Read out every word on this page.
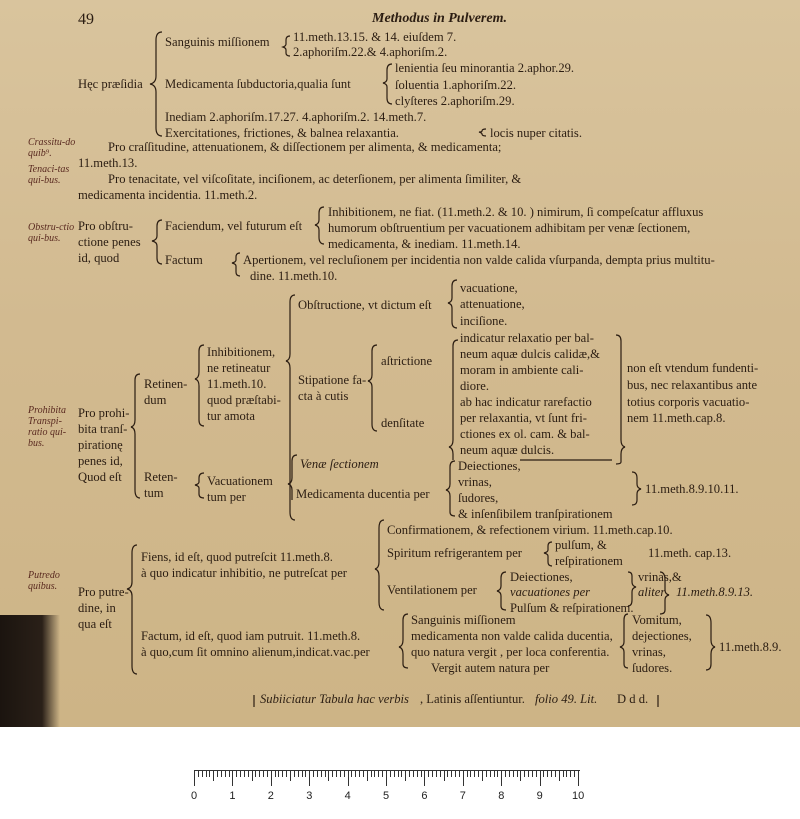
49	Methodus in Pulverem.
Hęc præſidia
Sanguinis miſſionem 11.meth.13.15. & 14. eiuſdem 7.
2.aphoriſm.22.& 4.aphoriſm.2.
Medicamenta ſubductoria,qualia ſunt
lenientia ſeu minorantia 2.aphor.29.
ſoluentia 1.aphoriſm.22.
clyſteres 2.aphoriſm.29.
Inediam 2.aphoriſm.17.27. 4.aphoriſm.2. 14.meth.7.
Exercitationes, frictiones, & balnea relaxantia.	locis nuper citatis.
Crassitu-do quib⁹.
Tenaci-tas qui-bus.
Obstru-ctio qui-bus.
Prohibita Transpi-ratio qui-bus.
Putredo quibus.
Pro craſſitudine, attenuationem, & diſſectionem per alimenta, & medicamenta;
11.meth.13.
Pro tenacitate, vel viſcoſitate, inciſionem, ac deterſionem, per alimenta ſimiliter, &
medicamenta incidentia. 11.meth.2.
Pro obſtru-
ctione penes
id, quod
Faciendum, vel futurum eſt
Inhibitionem, ne fiat. (11.meth.2. & 10. ) nimirum, ſi compeſcatur affluxus
humorum obſtruentium per vacuationem adhibitam per venæ ſectionem,
medicamenta, & inediam. 11.meth.14.
Factum	Apertionem, vel recluſionem per incidentia non valde calida vſurpanda, dempta prius multitu-
dine. 11.meth.10.
Pro prohi-
bita tranſ-
pirationę
penes id,
Quod eſt
Retinen-
dum
Inhibitionem,
ne retineatur
11.meth.10.
quod præſtabi-
tur amota
Obſtructione, vt dictum eſt
vacuatione,
attenuatione,
inciſione.
Stipatione fa-
cta à cutis
aſtrictione
denſitate
indicatur relaxatio per bal-
neum aquæ dulcis calidæ,&
moram in ambiente cali-
diore.
ab hac indicatur rarefactio
per relaxantia, vt ſunt fri-
ctiones ex ol. cam. & bal-
neum aquæ dulcis.
non eſt vtendum fundenti-
bus, nec relaxantibus ante
totius corporis vacuatio-
nem 11.meth.cap.8.
Reten-
tum
Vacuationem
tum per
Venæ ſectionem
Medicamenta ducentia per
Deiectiones,
vrinas,
ſudores,
& inſenſibilem tranſpirationem
11.meth.8.9.10.11.
Pro putre-
dine, in
qua eſt
Fiens, id eſt, quod putreſcit 11.meth.8.
à quo indicatur inhibitio, ne putreſcat per
Confirmationem, & refectionem virium. 11.meth.cap.10.
Spiritum refrigerantem per
pulſum, &
reſpirationem
11.meth. cap.13.
Ventilationem per
Deiectiones,
vacuationes per
Pulſum & reſpirationem.
vrinas,&
aliter 11.meth.8.9.13.
Factum, id eſt, quod iam putruit. 11.meth.8.
à quo,cum ſit omnino alienum,indicat.vac.per
Sanguinis miſſionem
medicamenta non valde calida ducentia,
quo natura vergit , per loca conferentia.
Vergit autem natura per
Vomitum,
dejectiones,
vrinas,
ſudores.
11.meth.8.9.
Subiiciatur Tabula hac verbis , Latinis aſſentiuntur. folio 49. Lit. D d d.
0	1	2	3	4	5	6	7	8	9	10
